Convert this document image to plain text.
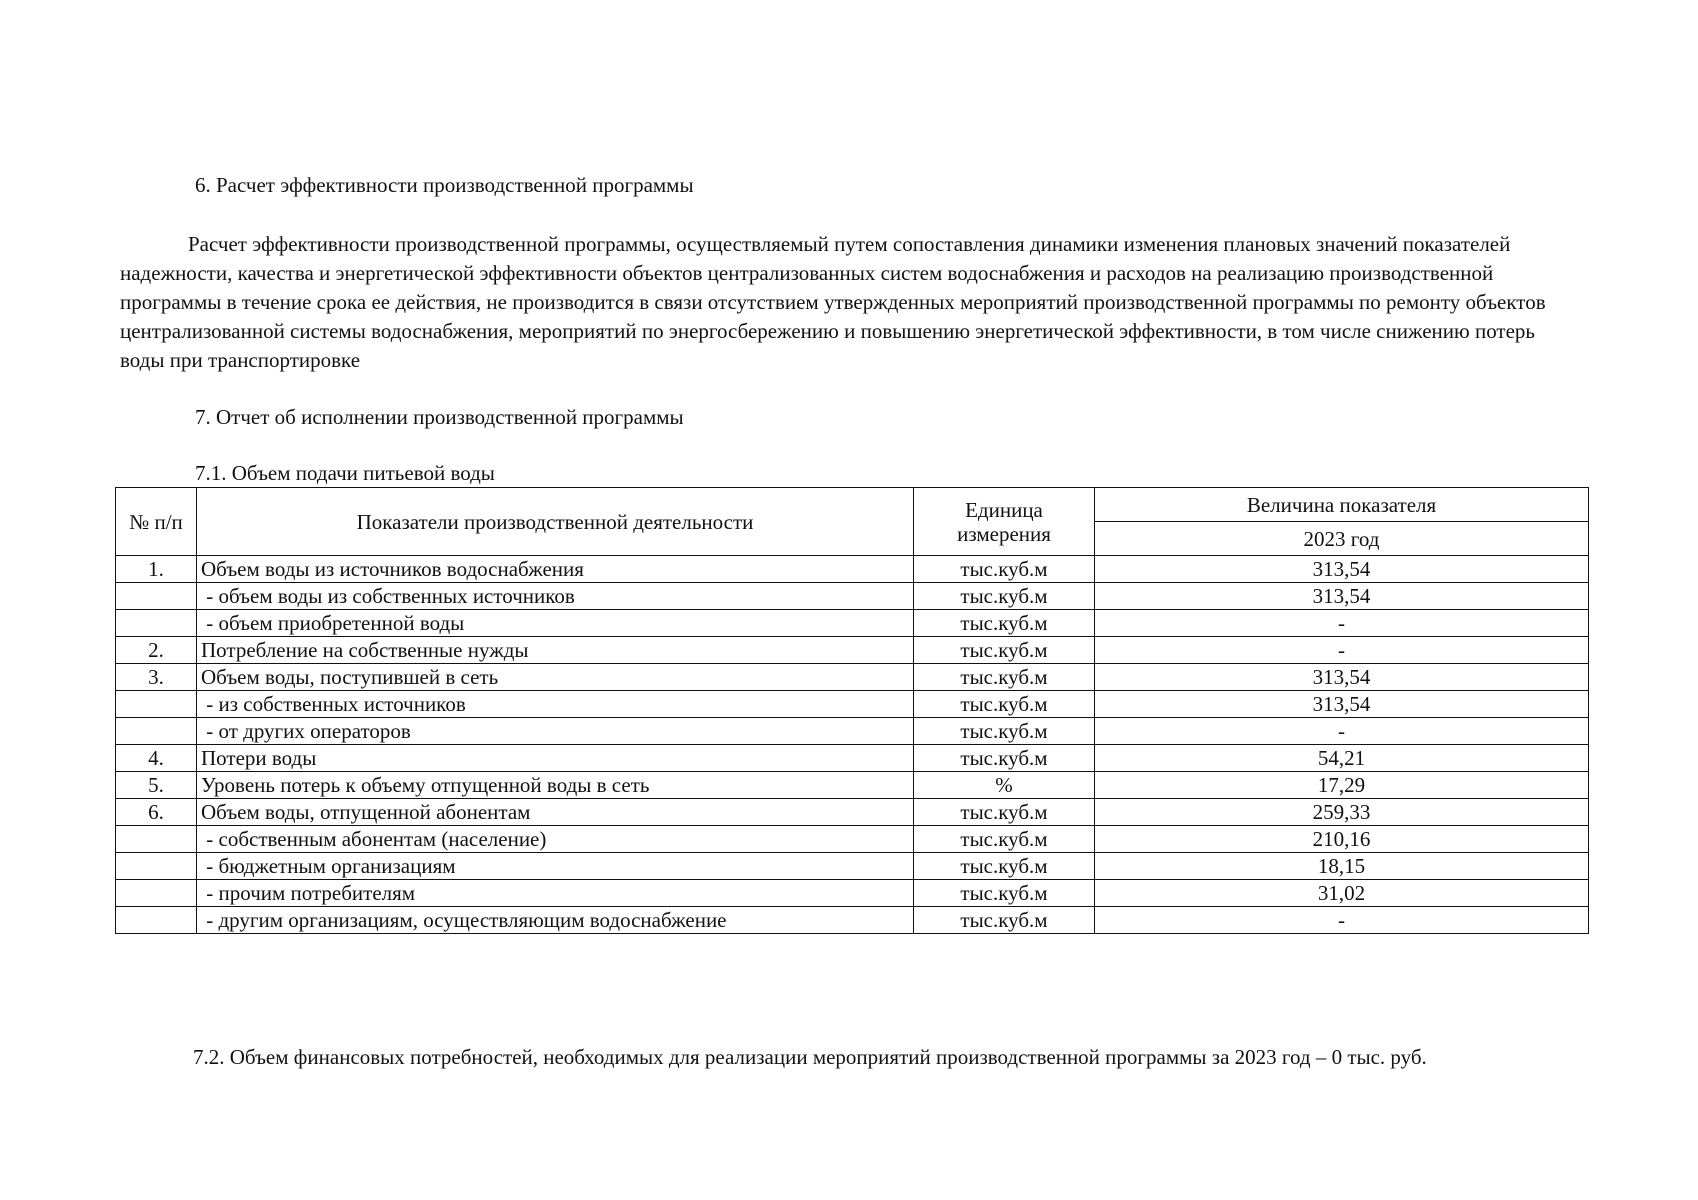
6. Расчет эффективности производственной программы
Расчет эффективности производственной программы, осуществляемый путем сопоставления динамики изменения плановых значений показателей надежности, качества и энергетической эффективности объектов централизованных систем водоснабжения и расходов на реализацию производственной программы в течение срока ее действия, не производится в связи отсутствием утвержденных мероприятий производственной программы по ремонту объектов централизованной системы водоснабжения, мероприятий по энергосбережению и повышению энергетической эффективности, в том числе снижению потерь воды при транспортировке
7. Отчет об исполнении производственной программы
7.1. Объем подачи питьевой воды
№ п/п	Показатели производственной деятельности	Единица измерения	Величина показателя
			2023 год
1.	Объем воды из источников водоснабжения	тыс.куб.м	313,54
	- объем воды из собственных источников	тыс.куб.м	313,54
	- объем приобретенной воды	тыс.куб.м	-
2.	Потребление на собственные нужды	тыс.куб.м	-
3.	Объем воды, поступившей в сеть	тыс.куб.м	313,54
	- из собственных источников	тыс.куб.м	313,54
	- от других операторов	тыс.куб.м	-
4.	Потери воды	тыс.куб.м	54,21
5.	Уровень потерь к объему отпущенной воды в сеть	%	17,29
6.	Объем воды, отпущенной абонентам	тыс.куб.м	259,33
	- собственным абонентам (население)	тыс.куб.м	210,16
	- бюджетным организациям	тыс.куб.м	18,15
	- прочим потребителям	тыс.куб.м	31,02
	- другим организациям, осуществляющим водоснабжение	тыс.куб.м	-
7.2. Объем финансовых потребностей, необходимых для реализации мероприятий производственной программы за 2023 год – 0 тыс. руб.
